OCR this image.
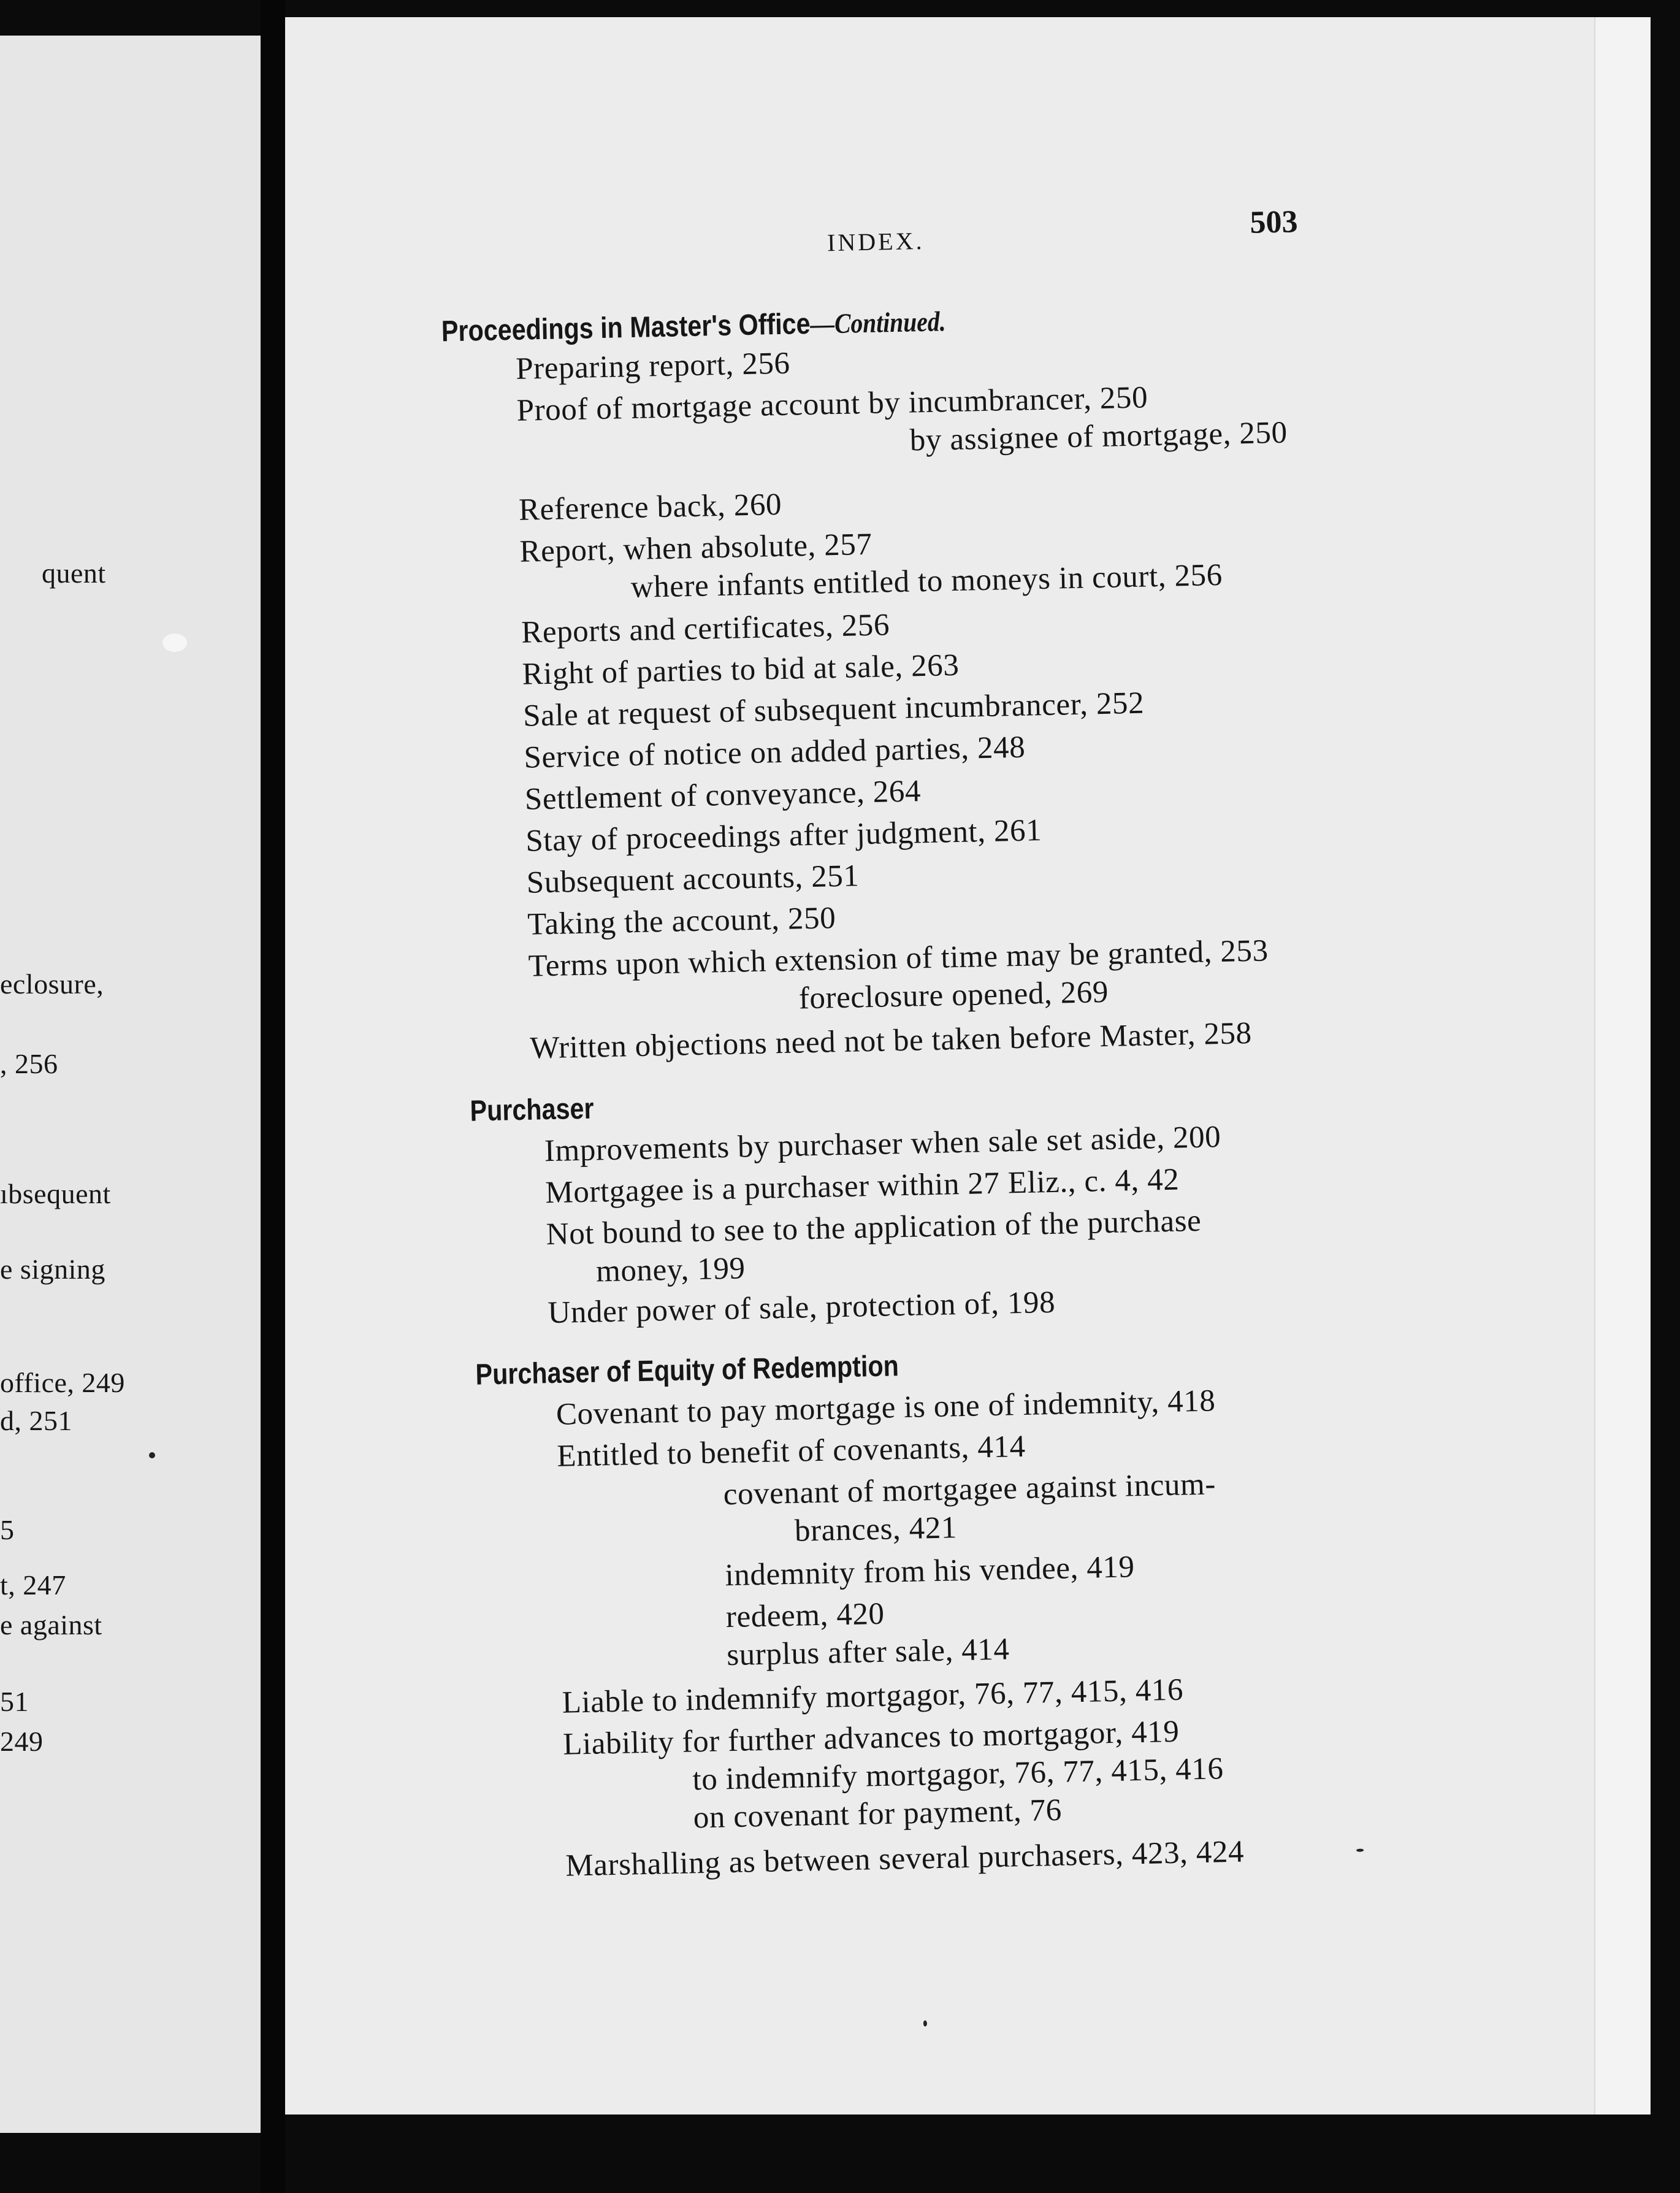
quent
eclosure,
, 256
ıbsequent
e signing
office, 249
d, 251
5
t, 247
e against
51
249
INDEX.
503
Proceedings in Master's Office—Continued.
Preparing report, 256
Proof of mortgage account by incumbrancer, 250
by assignee of mortgage, 250
Reference back, 260
Report, when absolute, 257
where infants entitled to moneys in court, 256
Reports and certificates, 256
Right of parties to bid at sale, 263
Sale at request of subsequent incumbrancer, 252
Service of notice on added parties, 248
Settlement of conveyance, 264
Stay of proceedings after judgment, 261
Subsequent accounts, 251
Taking the account, 250
Terms upon which extension of time may be granted, 253
foreclosure opened, 269
Written objections need not be taken before Master, 258
Purchaser
Improvements by purchaser when sale set aside, 200
Mortgagee is a purchaser within 27 Eliz., c. 4, 42
Not bound to see to the application of the purchase
money, 199
Under power of sale, protection of, 198
Purchaser of Equity of Redemption
Covenant to pay mortgage is one of indemnity, 418
Entitled to benefit of covenants, 414
covenant of mortgagee against incum-
brances, 421
indemnity from his vendee, 419
redeem, 420
surplus after sale, 414
Liable to indemnify mortgagor, 76, 77, 415, 416
Liability for further advances to mortgagor, 419
to indemnify mortgagor, 76, 77, 415, 416
on covenant for payment, 76
Marshalling as between several purchasers, 423, 424
